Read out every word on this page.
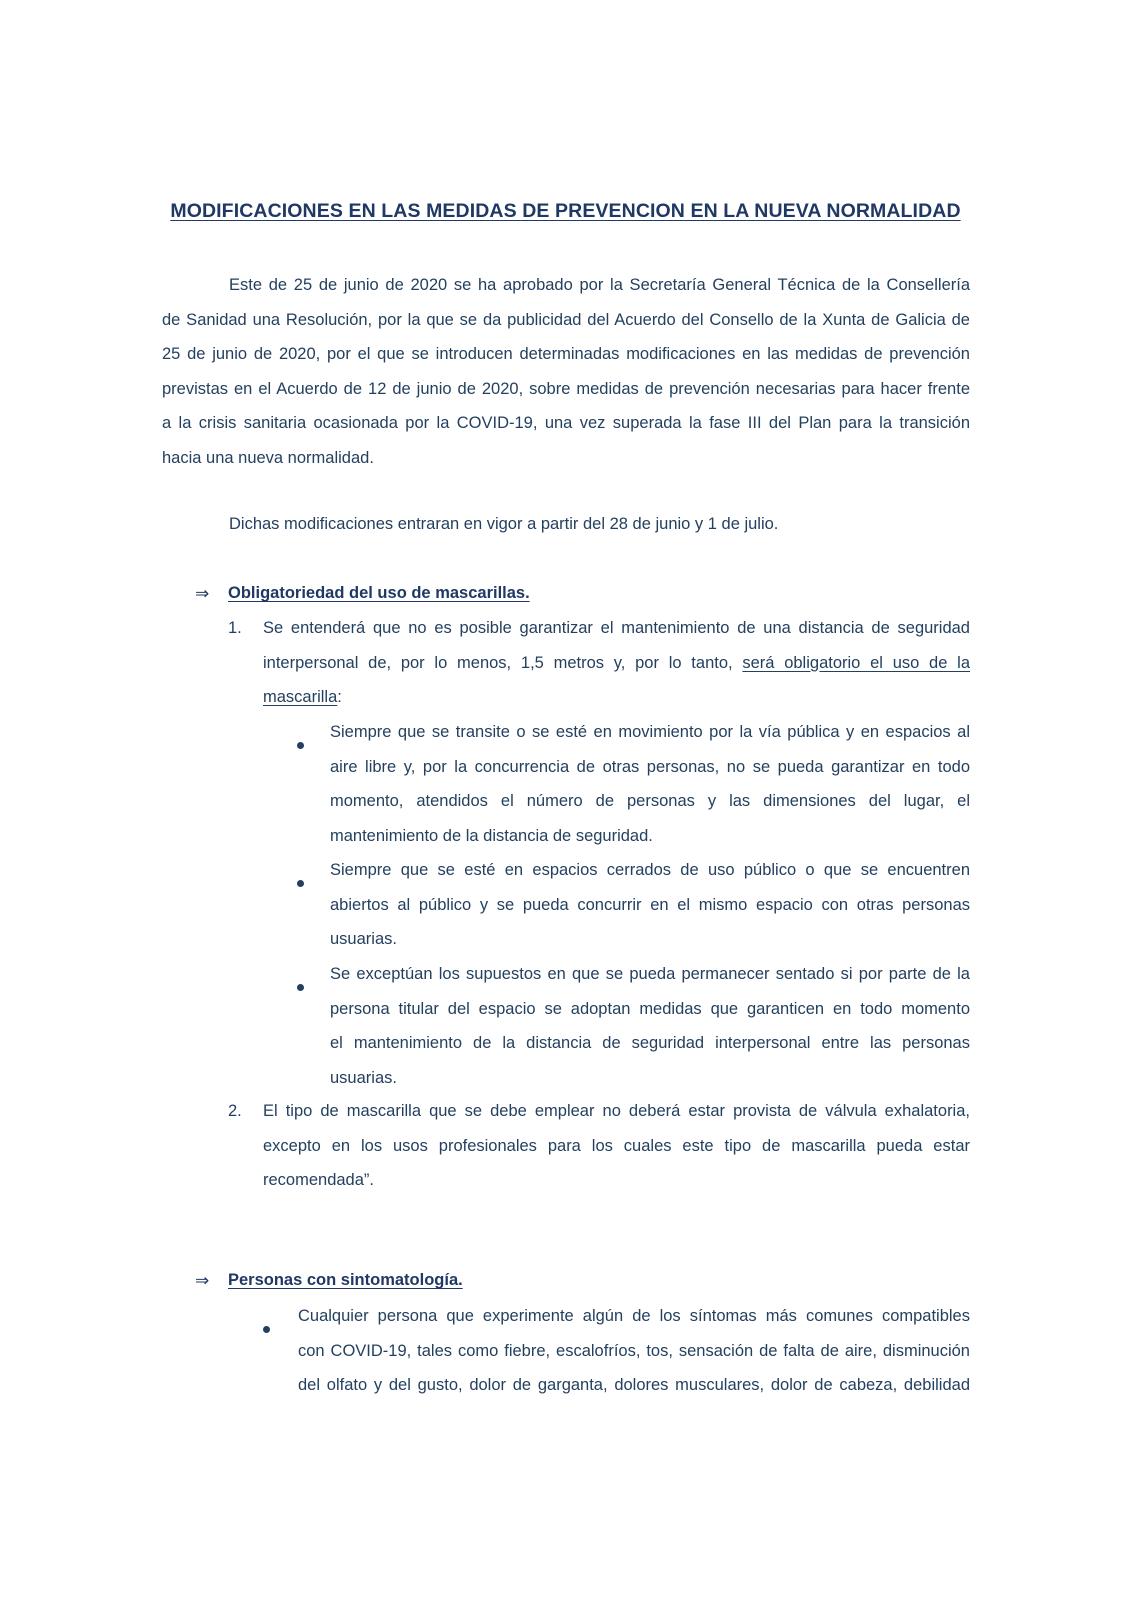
MODIFICACIONES EN LAS MEDIDAS DE PREVENCION EN LA NUEVA NORMALIDAD
Este de 25 de junio de 2020 se ha aprobado por la Secretaría General Técnica de la Consellería
de Sanidad una Resolución, por la que se da publicidad del Acuerdo del Consello de la Xunta de Galicia de
25 de junio de 2020, por el que se introducen determinadas modificaciones en las medidas de prevención
previstas en el Acuerdo de 12 de junio de 2020, sobre medidas de prevención necesarias para hacer frente
a la crisis sanitaria ocasionada por la COVID-19, una vez superada la fase III del Plan para la transición
hacia una nueva normalidad.
Dichas modificaciones entraran en vigor a partir del 28 de junio y 1 de julio.
⇒ Obligatoriedad del uso de mascarillas.
1. Se entenderá que no es posible garantizar el mantenimiento de una distancia de seguridad
interpersonal de, por lo menos, 1,5 metros y, por lo tanto, será obligatorio el uso de la
mascarilla:
Siempre que se transite o se esté en movimiento por la vía pública y en espacios al
aire libre y, por la concurrencia de otras personas, no se pueda garantizar en todo
momento, atendidos el número de personas y las dimensiones del lugar, el
mantenimiento de la distancia de seguridad.
Siempre que se esté en espacios cerrados de uso público o que se encuentren
abiertos al público y se pueda concurrir en el mismo espacio con otras personas
usuarias.
Se exceptúan los supuestos en que se pueda permanecer sentado si por parte de la
persona titular del espacio se adoptan medidas que garanticen en todo momento
el mantenimiento de la distancia de seguridad interpersonal entre las personas
usuarias.
2. El tipo de mascarilla que se debe emplear no deberá estar provista de válvula exhalatoria,
excepto en los usos profesionales para los cuales este tipo de mascarilla pueda estar
recomendada”.
⇒ Personas con sintomatología.
Cualquier persona que experimente algún de los síntomas más comunes compatibles
con COVID-19, tales como fiebre, escalofríos, tos, sensación de falta de aire, disminución
del olfato y del gusto, dolor de garganta, dolores musculares, dolor de cabeza, debilidad
